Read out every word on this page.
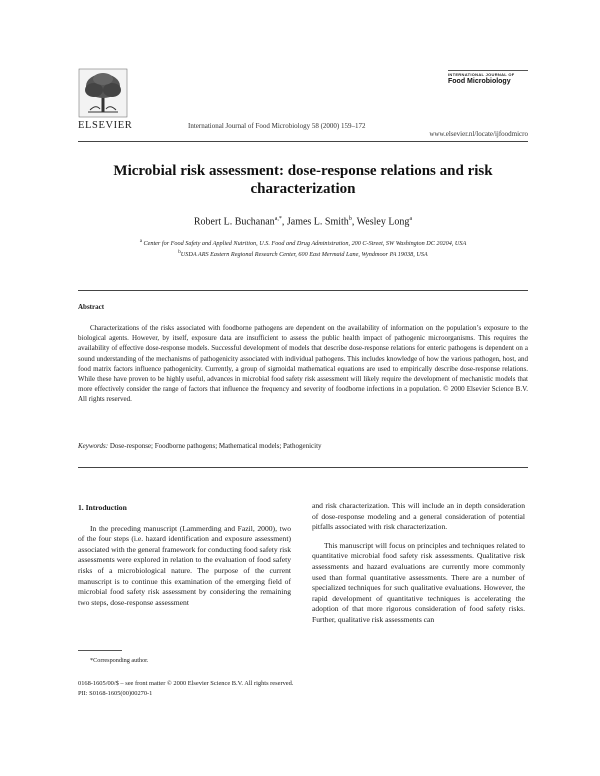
ELSEVIER	International Journal of Food Microbiology 58 (2000) 159–172
INTERNATIONAL JOURNAL OF
Food Microbiology
www.elsevier.nl/locate/ijfoodmicro
Microbial risk assessment: dose-response relations and risk characterization
Robert L. Buchanan$^{a,*}$, James L. Smith$^b$, Wesley Long$^a$
$^a$ Center for Food Safety and Applied Nutrition, U.S. Food and Drug Administration, 200 C-Street, SW Washington DC 20204, USA
$^b$USDA ARS Eastern Regional Research Center, 600 East Mermaid Lane, Wyndmoor PA 19038, USA
Abstract

Characterizations of the risks associated with foodborne pathogens are dependent on the availability of information on the population’s exposure to the biological agents. However, by itself, exposure data are insufficient to assess the public health impact of pathogenic microorganisms. This requires the availability of effective dose-response models. Successful development of models that describe dose-response relations for enteric pathogens is dependent on a sound understanding of the mechanisms of pathogenicity associated with individual pathogens. This includes knowledge of how the various pathogen, host, and food matrix factors influence pathogenicity. Currently, a group of sigmoidal mathematical equations are used to empirically describe dose-response relations. While these have proven to be highly useful, advances in microbial food safety risk assessment will likely require the development of mechanistic models that more effectively consider the range of factors that influence the frequency and severity of foodborne infections in a population. © 2000 Elsevier Science B.V. All rights reserved.

Keywords: Dose-response; Foodborne pathogens; Mathematical models; Pathogenicity
1. Introduction

In the preceding manuscript (Lammerding and Fazil, 2000), two of the four steps (i.e. hazard identification and exposure assessment) associated with the general framework for conducting food safety risk assessments were explored in relation to the evaluation of food safety risks of a microbiological nature. The purpose of the current manuscript is to continue this examination of the emerging field of microbial food safety risk assessment by considering the remaining two steps, dose-response assessment

and risk characterization. This will include an in depth consideration of dose-response modeling and a general consideration of potential pitfalls associated with risk characterization.

This manuscript will focus on principles and techniques related to quantitative microbial food safety risk assessments. Qualitative risk assessments and hazard evaluations are currently more commonly used than formal quantitative assessments. There are a number of specialized techniques for such qualitative evaluations. However, the rapid development of quantitative techniques is accelerating the adoption of that more rigorous consideration of food safety risks. Further, qualitative risk assessments can

*Corresponding author.
0168-1605/00/$ – see front matter © 2000 Elsevier Science B.V. All rights reserved.
PII: S0168-1605(00)00270-1
